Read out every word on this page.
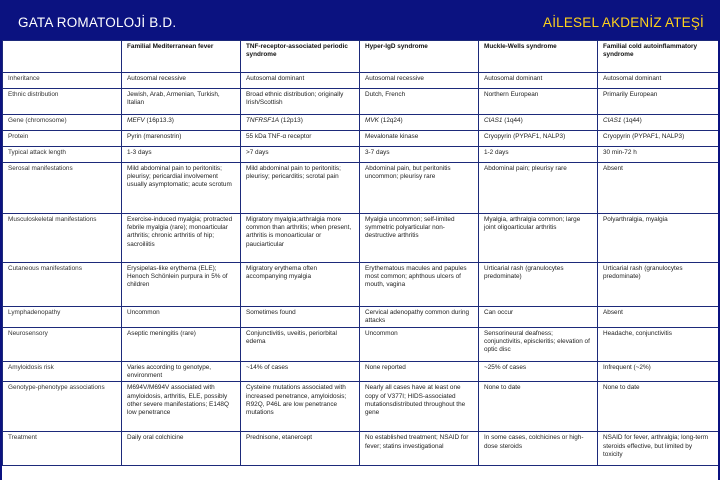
GATA ROMATOLOJİ B.D.	AİLESEL AKDENİZ ATEŞİ
	Familial Mediterranean fever	TNF-receptor-associated periodic syndrome	Hyper-IgD syndrome	Muckle-Wells syndrome	Familial cold autoinflammatory syndrome
Inheritance	Autosomal recessive	Autosomal dominant	Autosomal recessive	Autosomal dominant	Autosomal dominant
Ethnic distribution	Jewish, Arab, Armenian, Turkish, Italian	Broad ethnic distribution; originally Irish/Scottish	Dutch, French	Northern European	Primarily European
Gene (chromosome)	MEFV (16p13.3)	TNFRSF1A (12p13)	MVK (12q24)	CIAS1 (1q44)	CIAS1 (1q44)
Protein	Pyrin (marenostrin)	55 kDa TNF-α receptor	Mevalonate kinase	Cryopyrin (PYPAF1, NALP3)	Cryopyrin (PYPAF1, NALP3)
Typical attack length	1-3 days	>7 days	3-7 days	1-2 days	30 min-72 h
Serosal manifestations	Mild abdominal pain to peritonitis; pleurisy; pericardial involvement usually asymptomatic; acute scrotum	Mild abdominal pain to peritonitis; pleurisy; pericarditis; scrotal pain	Abdominal pain, but peritonitis uncommon; pleurisy rare	Abdominal pain; pleurisy rare	Absent
Musculoskeletal manifestations	Exercise-induced myalgia; protracted febrile myalgia (rare); monoarticular arthritis; chronic arthritis of hip; sacroiliitis	Migratory myalgia;arthralgia more common than arthritis; when present, arthritis is monoarticular or pauciarticular	Myalgia uncommon; self-limited symmetric polyarticular non-destructive arthritis	Myalgia, arthralgia common; large joint oligoarticular arthritis	Polyarthralgia, myalgia
Cutaneous manifestations	Erysipelas-like erythema (ELE); Henoch Schönlein purpura in 5% of children	Migratory erythema often accompanying myalgia	Erythematous macules and papules most common; aphthous ulcers of mouth, vagina	Urticarial rash (granulocytes predominate)	Urticarial rash (granulocytes predominate)
Lymphadenopathy	Uncommon	Sometimes found	Cervical adenopathy common during attacks	Can occur	Absent
Neurosensory	Aseptic meningitis (rare)	Conjunctivitis, uveitis, periorbital edema	Uncommon	Sensorineural deafness; conjunctivitis, episcleritis; elevation of optic disc	Headache, conjunctivitis
Amyloidosis risk	Varies according to genotype, environment	~14% of cases	None reported	~25% of cases	Infrequent (~2%)
Genotype-phenotype associations	M694V/M694V associated with amyloidosis, arthritis, ELE, possibly other severe manifestations; E148Q low penetrance	Cysteine mutations associated with increased penetrance, amyloidosis; R92Q, P46L are low penetrance mutations	Nearly all cases have at least one copy of V377I; HIDS-associated mutationsdistributed throughout the gene	None to date	None to date
Treatment	Daily oral colchicine	Prednisone, etanercept	No established treatment; NSAID for fever; statins investigational	In some cases, colchicines or high-dose steroids	NSAID for fever, arthralgia; long-term steroids effective, but limited by toxicity
